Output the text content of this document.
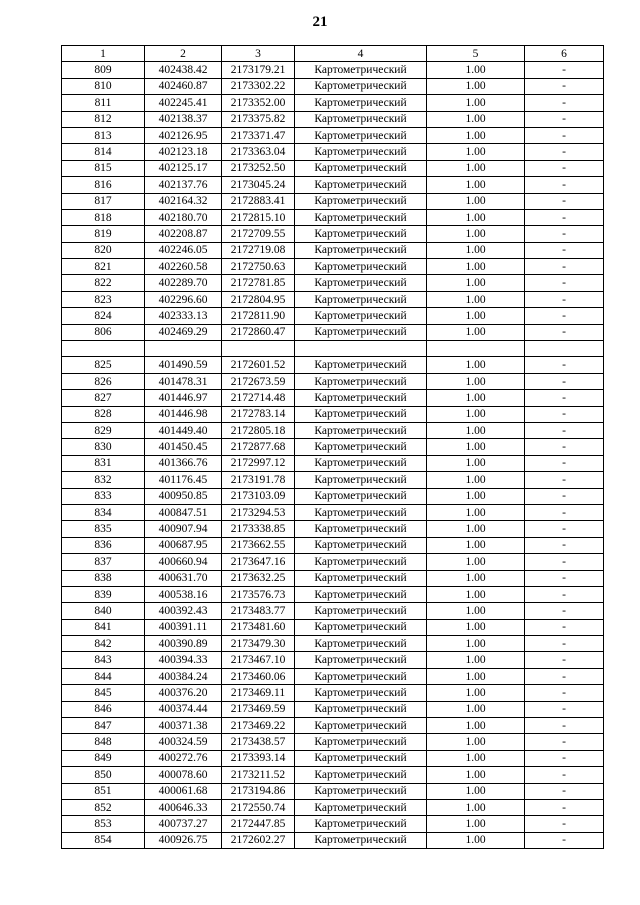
21
1	2	3	4	5	6
809	402438.42	2173179.21	Картометрический	1.00	-
810	402460.87	2173302.22	Картометрический	1.00	-
811	402245.41	2173352.00	Картометрический	1.00	-
812	402138.37	2173375.82	Картометрический	1.00	-
813	402126.95	2173371.47	Картометрический	1.00	-
814	402123.18	2173363.04	Картометрический	1.00	-
815	402125.17	2173252.50	Картометрический	1.00	-
816	402137.76	2173045.24	Картометрический	1.00	-
817	402164.32	2172883.41	Картометрический	1.00	-
818	402180.70	2172815.10	Картометрический	1.00	-
819	402208.87	2172709.55	Картометрический	1.00	-
820	402246.05	2172719.08	Картометрический	1.00	-
821	402260.58	2172750.63	Картометрический	1.00	-
822	402289.70	2172781.85	Картометрический	1.00	-
823	402296.60	2172804.95	Картометрический	1.00	-
824	402333.13	2172811.90	Картометрический	1.00	-
806	402469.29	2172860.47	Картометрический	1.00	-

825	401490.59	2172601.52	Картометрический	1.00	-
826	401478.31	2172673.59	Картометрический	1.00	-
827	401446.97	2172714.48	Картометрический	1.00	-
828	401446.98	2172783.14	Картометрический	1.00	-
829	401449.40	2172805.18	Картометрический	1.00	-
830	401450.45	2172877.68	Картометрический	1.00	-
831	401366.76	2172997.12	Картометрический	1.00	-
832	401176.45	2173191.78	Картометрический	1.00	-
833	400950.85	2173103.09	Картометрический	1.00	-
834	400847.51	2173294.53	Картометрический	1.00	-
835	400907.94	2173338.85	Картометрический	1.00	-
836	400687.95	2173662.55	Картометрический	1.00	-
837	400660.94	2173647.16	Картометрический	1.00	-
838	400631.70	2173632.25	Картометрический	1.00	-
839	400538.16	2173576.73	Картометрический	1.00	-
840	400392.43	2173483.77	Картометрический	1.00	-
841	400391.11	2173481.60	Картометрический	1.00	-
842	400390.89	2173479.30	Картометрический	1.00	-
843	400394.33	2173467.10	Картометрический	1.00	-
844	400384.24	2173460.06	Картометрический	1.00	-
845	400376.20	2173469.11	Картометрический	1.00	-
846	400374.44	2173469.59	Картометрический	1.00	-
847	400371.38	2173469.22	Картометрический	1.00	-
848	400324.59	2173438.57	Картометрический	1.00	-
849	400272.76	2173393.14	Картометрический	1.00	-
850	400078.60	2173211.52	Картометрический	1.00	-
851	400061.68	2173194.86	Картометрический	1.00	-
852	400646.33	2172550.74	Картометрический	1.00	-
853	400737.27	2172447.85	Картометрический	1.00	-
854	400926.75	2172602.27	Картометрический	1.00	-
